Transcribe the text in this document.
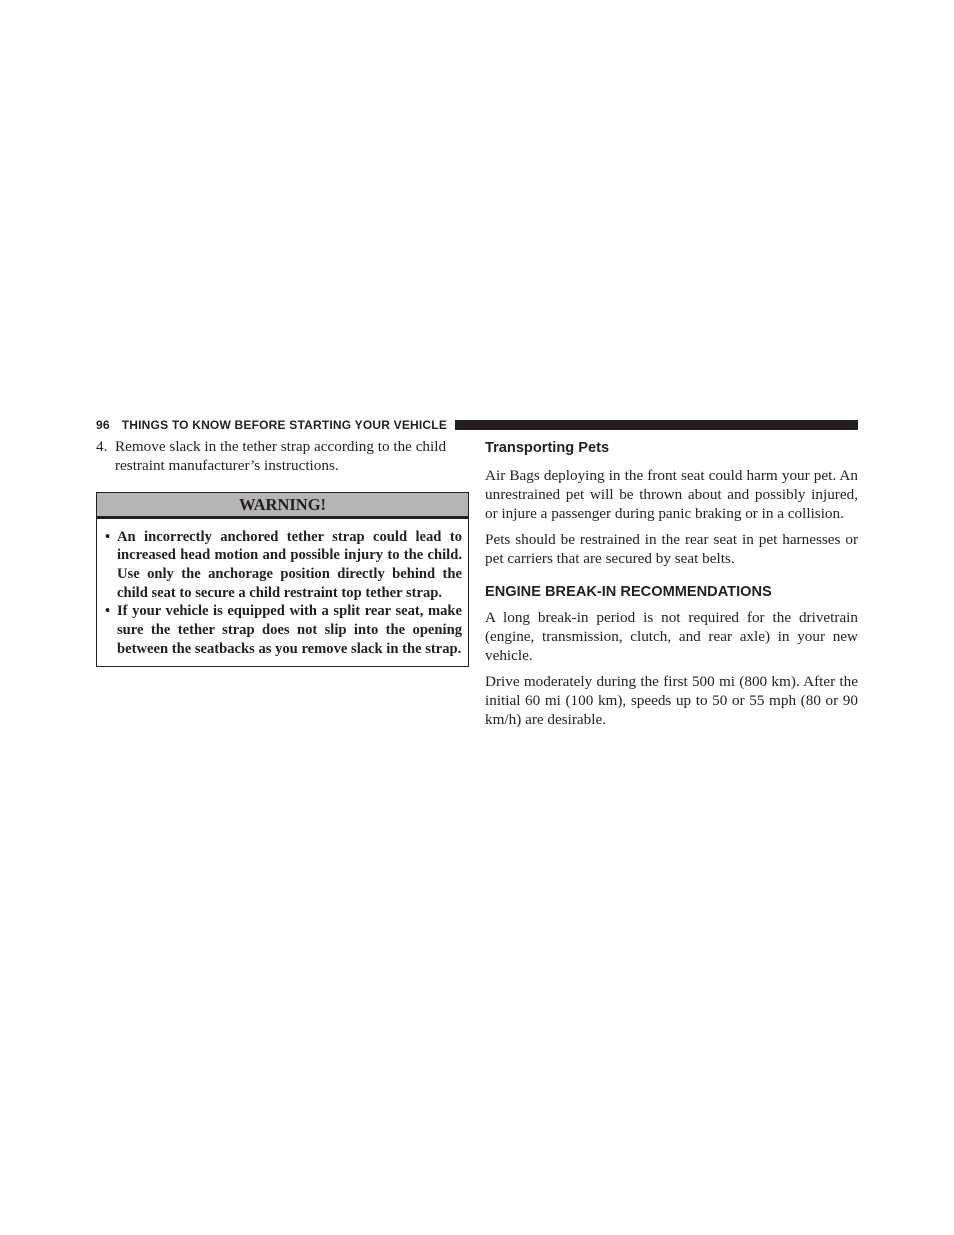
96 THINGS TO KNOW BEFORE STARTING YOUR VEHICLE
4. Remove slack in the tether strap according to the child restraint manufacturer’s instructions.
WARNING!
• An incorrectly anchored tether strap could lead to increased head motion and possible injury to the child. Use only the anchorage position directly behind the child seat to secure a child restraint top tether strap.
• If your vehicle is equipped with a split rear seat, make sure the tether strap does not slip into the opening between the seatbacks as you remove slack in the strap.
Transporting Pets

Air Bags deploying in the front seat could harm your pet. An unrestrained pet will be thrown about and possibly injured, or injure a passenger during panic braking or in a collision.

Pets should be restrained in the rear seat in pet harnesses or pet carriers that are secured by seat belts.

ENGINE BREAK-IN RECOMMENDATIONS

A long break-in period is not required for the drivetrain (engine, transmission, clutch, and rear axle) in your new vehicle.

Drive moderately during the first 500 mi (800 km). After the initial 60 mi (100 km), speeds up to 50 or 55 mph (80 or 90 km/h) are desirable.
